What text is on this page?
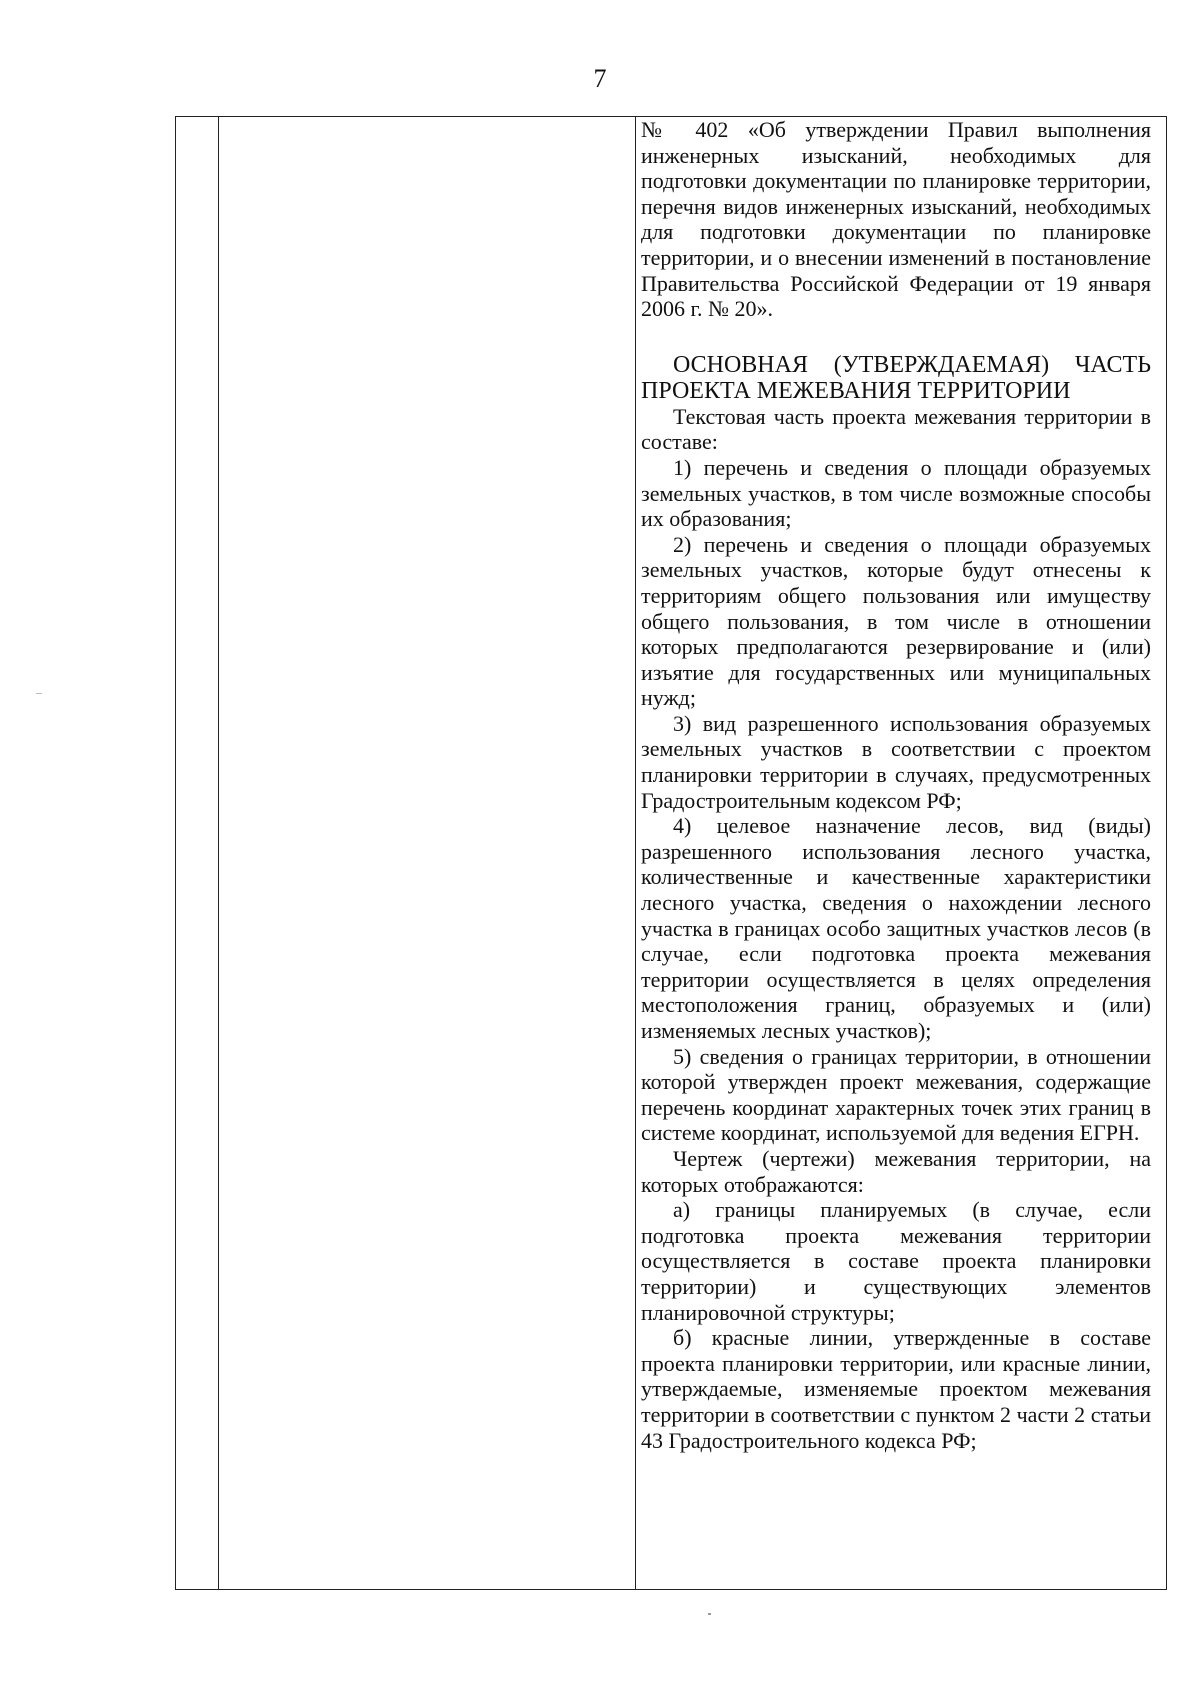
7

№ 402 «Об утверждении Правил выполнения инженерных изысканий, необходимых для подготовки документации по планировке территории, перечня видов инженерных изысканий, необходимых для подготовки документации по планировке территории, и о внесении изменений в постановление Правительства Российской Федерации от 19 января 2006 г. № 20».

ОСНОВНАЯ (УТВЕРЖДАЕМАЯ) ЧАСТЬ ПРОЕКТА МЕЖЕВАНИЯ ТЕРРИТОРИИ

Текстовая часть проекта межевания территории в составе:

1) перечень и сведения о площади образуемых земельных участков, в том числе возможные способы их образования;

2) перечень и сведения о площади образуемых земельных участков, которые будут отнесены к территориям общего пользования или имуществу общего пользования, в том числе в отношении которых предполагаются резервирование и (или) изъятие для государственных или муниципальных нужд;

3) вид разрешенного использования образуемых земельных участков в соответствии с проектом планировки территории в случаях, предусмотренных Градостроительным кодексом РФ;

4) целевое назначение лесов, вид (виды) разрешенного использования лесного участка, количественные и качественные характеристики лесного участка, сведения о нахождении лесного участка в границах особо защитных участков лесов (в случае, если подготовка проекта межевания территории осуществляется в целях определения местоположения границ, образуемых и (или) изменяемых лесных участков);

5) сведения о границах территории, в отношении которой утвержден проект межевания, содержащие перечень координат характерных точек этих границ в системе координат, используемой для ведения ЕГРН.

Чертеж (чертежи) межевания территории, на которых отображаются:

а) границы планируемых (в случае, если подготовка проекта межевания территории осуществляется в составе проекта планировки территории) и существующих элементов планировочной структуры;

б) красные линии, утвержденные в составе проекта планировки территории, или красные линии, утверждаемые, изменяемые проектом межевания территории в соответствии с пунктом 2 части 2 статьи 43 Градостроительного кодекса РФ;
